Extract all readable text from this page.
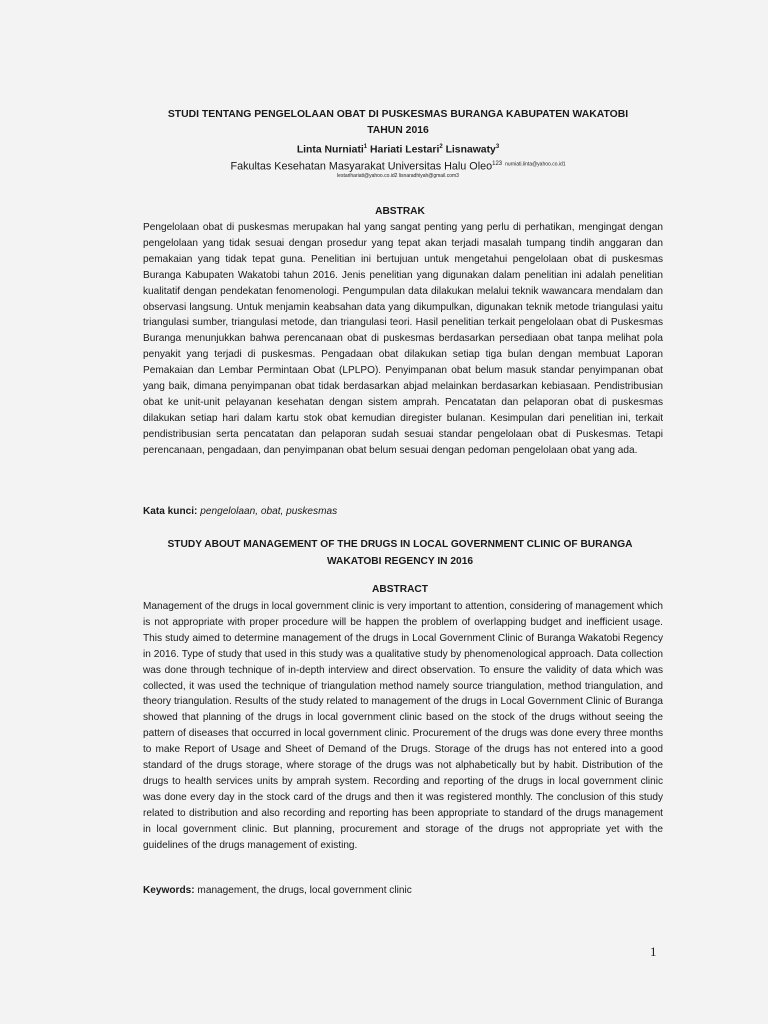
STUDI TENTANG PENGELOLAAN OBAT DI PUSKESMAS BURANGA KABUPATEN WAKATOBI
TAHUN 2016
Linta Nurniati$^1$ Hariati Lestari$^2$ Lisnawaty$^3$
Fakultas Kesehatan Masyarakat Universitas Halu Oleo$^{123}$ $^{nurniati.linta@yahoo.co.id1}$
lestarihariati@yahoo.co.id2 lisnaradhiyah@gmail.com3
ABSTRAK
Pengelolaan obat di puskesmas merupakan hal yang sangat penting yang perlu di perhatikan, mengingat dengan pengelolaan yang tidak sesuai dengan prosedur yang tepat akan terjadi masalah tumpang tindih anggaran dan pemakaian yang tidak tepat guna. Penelitian ini bertujuan untuk mengetahui pengelolaan obat di puskesmas Buranga Kabupaten Wakatobi tahun 2016. Jenis penelitian yang digunakan dalam penelitian ini adalah penelitian kualitatif dengan pendekatan fenomenologi. Pengumpulan data dilakukan melalui teknik wawancara mendalam dan observasi langsung. Untuk menjamin keabsahan data yang dikumpulkan, digunakan teknik metode triangulasi yaitu triangulasi sumber, triangulasi metode, dan triangulasi teori. Hasil penelitian terkait pengelolaan obat di Puskesmas Buranga menunjukkan bahwa perencanaan obat di puskesmas berdasarkan persediaan obat tanpa melihat pola penyakit yang terjadi di puskesmas. Pengadaan obat dilakukan setiap tiga bulan dengan membuat Laporan Pemakaian dan Lembar Permintaan Obat (LPLPO). Penyimpanan obat belum masuk standar penyimpanan obat yang baik, dimana penyimpanan obat tidak berdasarkan abjad melainkan berdasarkan kebiasaan. Pendistribusian obat ke unit-unit pelayanan kesehatan dengan sistem amprah. Pencatatan dan pelaporan obat di puskesmas dilakukan setiap hari dalam kartu stok obat kemudian diregister bulanan. Kesimpulan dari penelitian ini, terkait pendistribusian serta pencatatan dan pelaporan sudah sesuai standar pengelolaan obat di Puskesmas. Tetapi perencanaan, pengadaan, dan penyimpanan obat belum sesuai dengan pedoman pengelolaan obat yang ada.
Kata kunci: pengelolaan, obat, puskesmas
STUDY ABOUT MANAGEMENT OF THE DRUGS IN LOCAL GOVERNMENT CLINIC OF BURANGA
WAKATOBI REGENCY IN 2016
ABSTRACT
Management of the drugs in local government clinic is very important to attention, considering of management which is not appropriate with proper procedure will be happen the problem of overlapping budget and inefficient usage. This study aimed to determine management of the drugs in Local Government Clinic of Buranga Wakatobi Regency in 2016. Type of study that used in this study was a qualitative study by phenomenological approach. Data collection was done through technique of in-depth interview and direct observation. To ensure the validity of data which was collected, it was used the technique of triangulation method namely source triangulation, method triangulation, and theory triangulation. Results of the study related to management of the drugs in Local Government Clinic of Buranga showed that planning of the drugs in local government clinic based on the stock of the drugs without seeing the pattern of diseases that occurred in local government clinic. Procurement of the drugs was done every three months to make Report of Usage and Sheet of Demand of the Drugs. Storage of the drugs has not entered into a good standard of the drugs storage, where storage of the drugs was not alphabetically but by habit. Distribution of the drugs to health services units by amprah system. Recording and reporting of the drugs in local government clinic was done every day in the stock card of the drugs and then it was registered monthly. The conclusion of this study related to distribution and also recording and reporting has been appropriate to standard of the drugs management in local government clinic. But planning, procurement and storage of the drugs not appropriate yet with the guidelines of the drugs management of existing.
Keywords: management, the drugs, local government clinic
1
